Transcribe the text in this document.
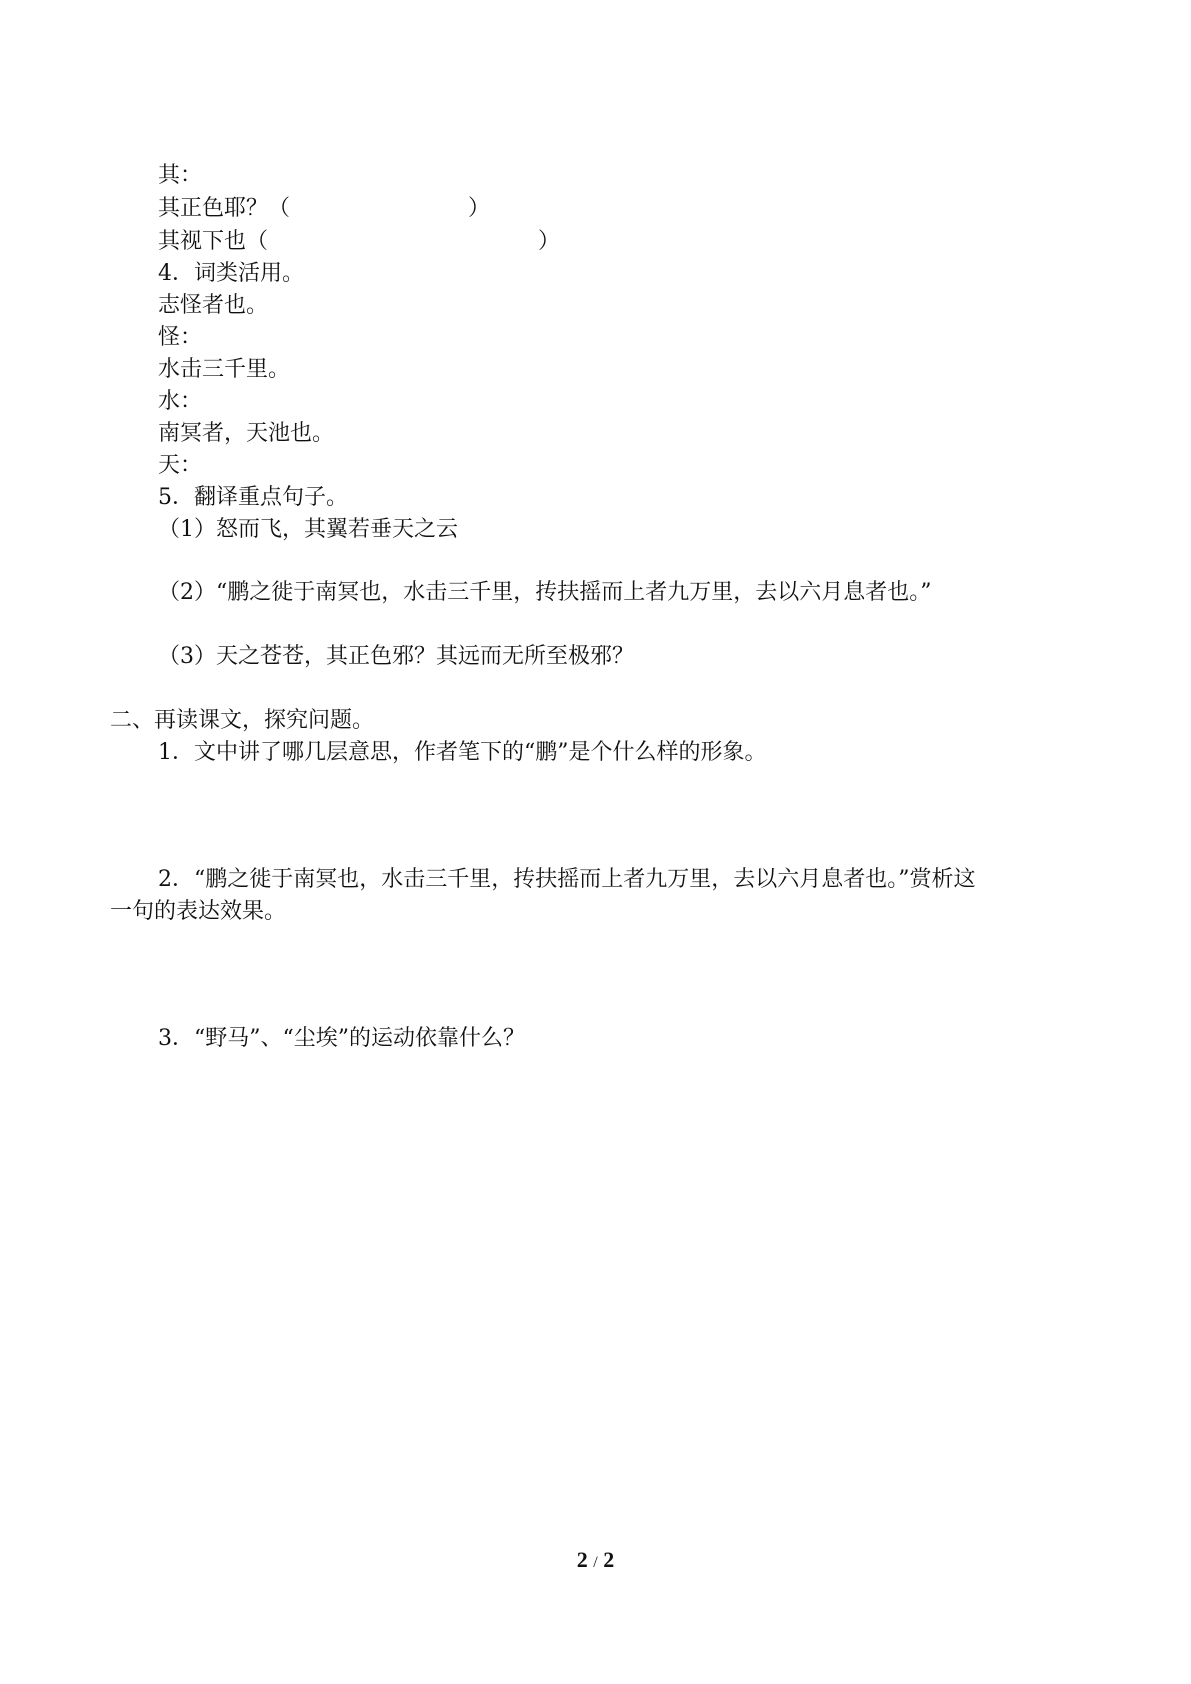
其：
其正色耶？（	）
其视下也（	）
4．词类活用。
志怪者也。
怪：
水击三千里。
水：
南冥者，天池也。
天：
5．翻译重点句子。
（1）怒而飞，其翼若垂天之云
（2）“鹏之徙于南冥也，水击三千里，抟扶摇而上者九万里，去以六月息者也。”
（3）天之苍苍，其正色邪？其远而无所至极邪？
二、再读课文，探究问题。
1．文中讲了哪几层意思，作者笔下的“鹏”是个什么样的形象。
2．“鹏之徙于南冥也，水击三千里，抟扶摇而上者九万里，去以六月息者也。”赏析这
一句的表达效果。
3．“野马”、“尘埃”的运动依靠什么？
2 / 2
